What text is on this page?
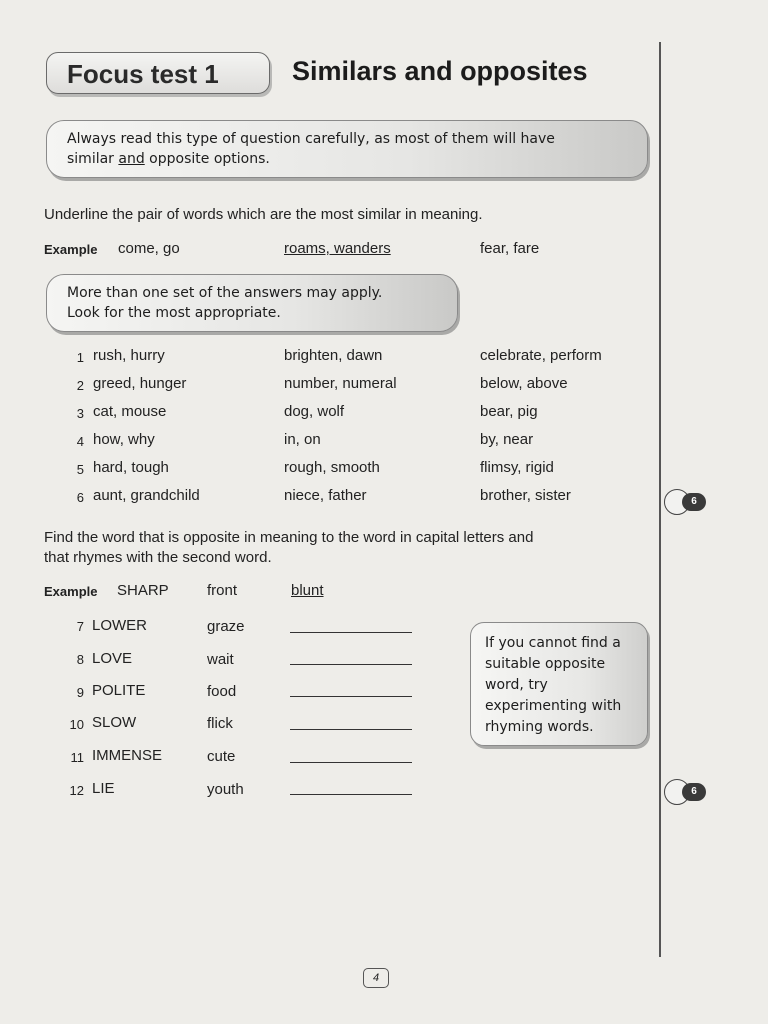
Focus test 1	Similars and opposites
Always read this type of question carefully, as most of them will have
similar and opposite options.
Underline the pair of words which are the most similar in meaning.
Example come, go	roams, wanders	fear, fare
More than one set of the answers may apply.
Look for the most appropriate.
1 rush, hurry	brighten, dawn	celebrate, perform
2 greed, hunger	number, numeral	below, above
3 cat, mouse	dog, wolf	bear, pig
4 how, why	in, on	by, near
5 hard, tough	rough, smooth	flimsy, rigid
6 aunt, grandchild	niece, father	brother, sister
Find the word that is opposite in meaning to the word in capital letters and
that rhymes with the second word.
Example SHARP	front	blunt
7 LOWER	graze
8 LOVE	wait
9 POLITE	food
10 SLOW	flick
11 IMMENSE	cute
12 LIE	youth
If you cannot find a suitable opposite word, try experimenting with rhyming words.
6
6
4
